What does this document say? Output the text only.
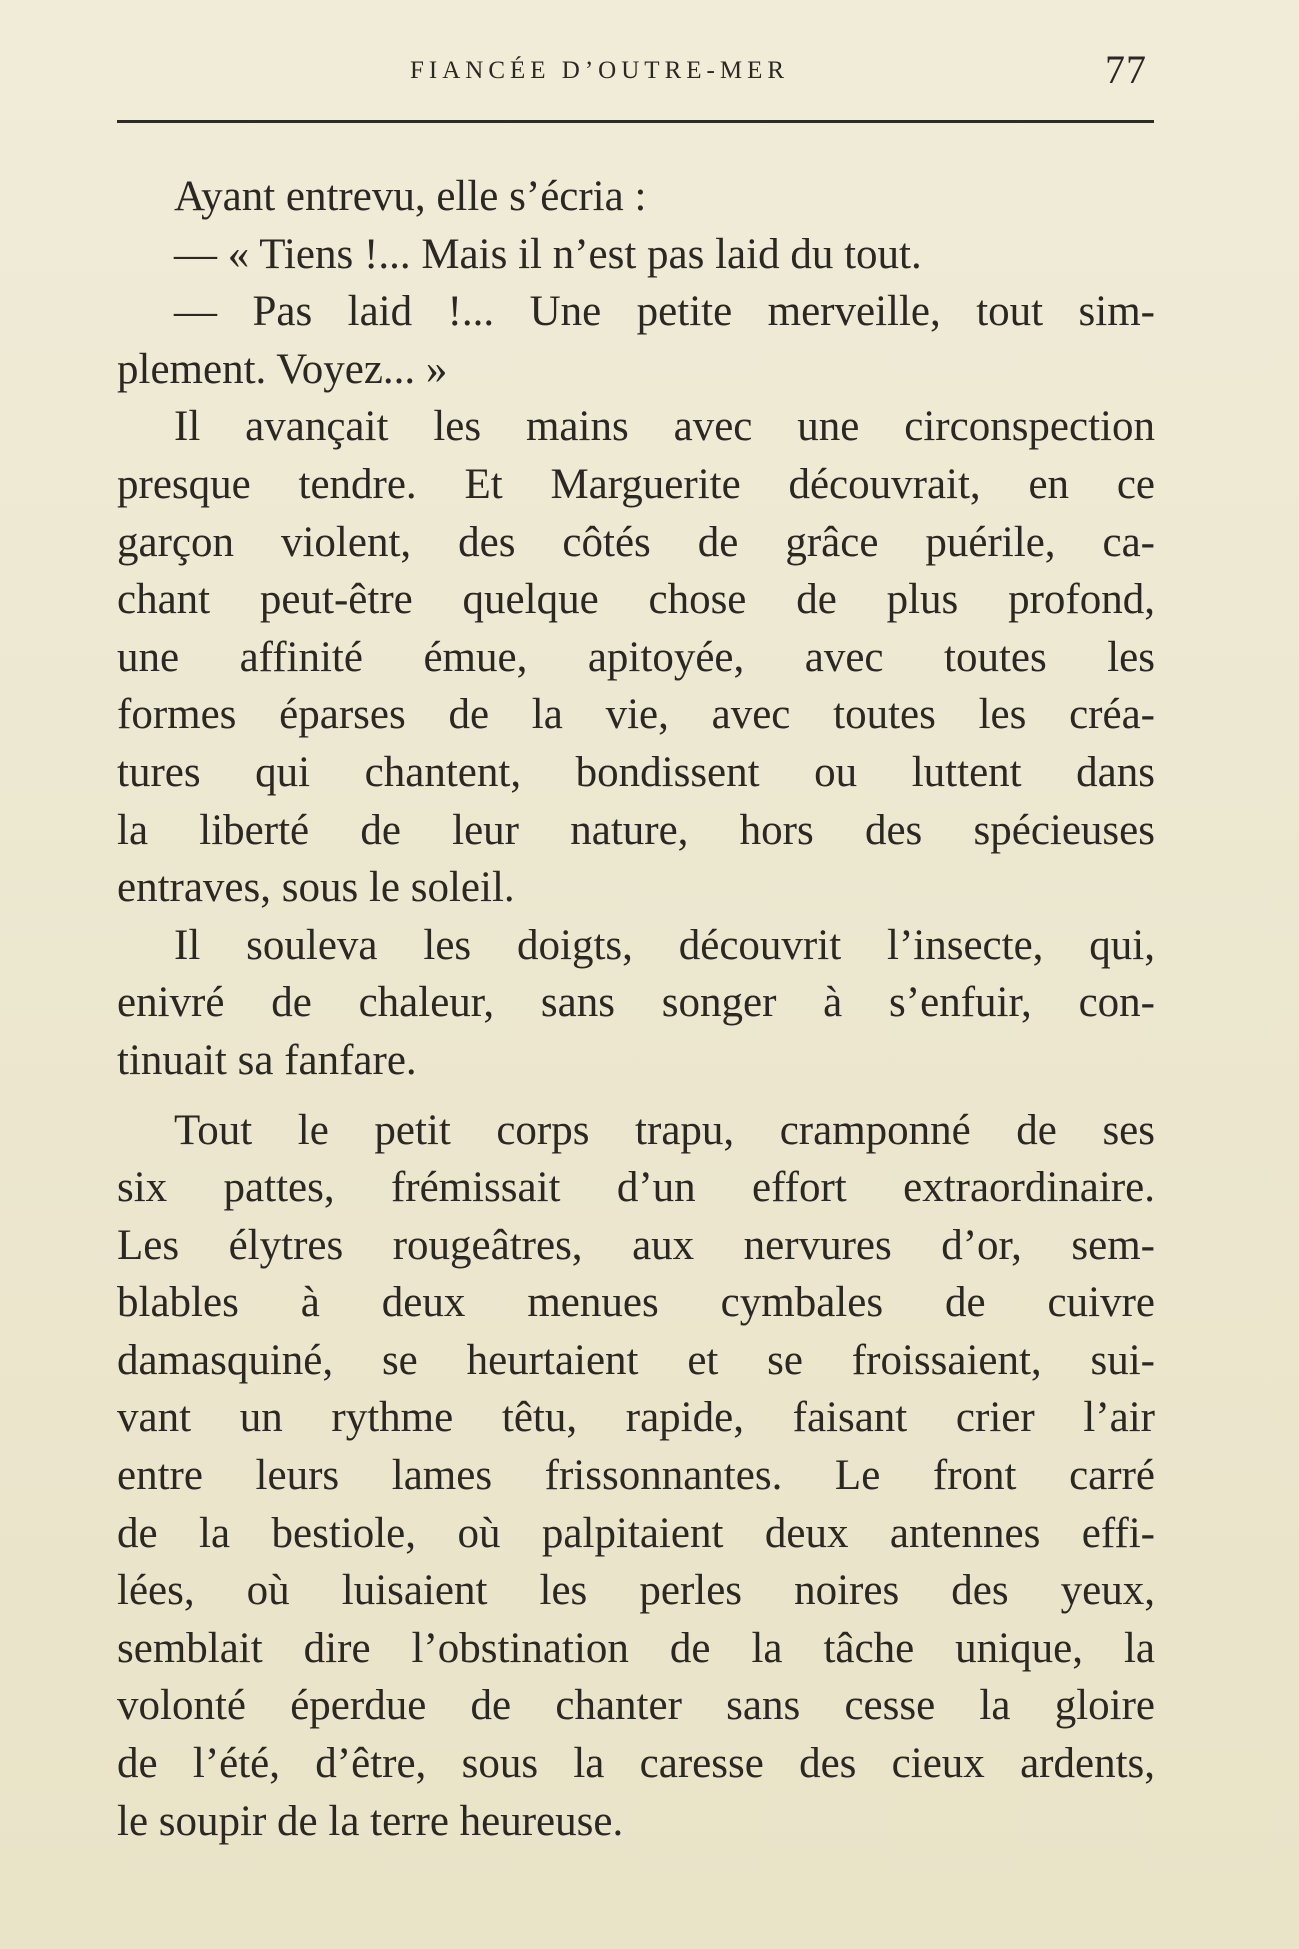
FIANCÉE D’OUTRE-MER	77
Ayant entrevu, elle s’écria :
— « Tiens !... Mais il n’est pas laid du tout.
— Pas laid !... Une petite merveille, tout sim-
plement. Voyez... »
Il avançait les mains avec une circonspection
presque tendre. Et Marguerite découvrait, en ce
garçon violent, des côtés de grâce puérile, ca-
chant peut-être quelque chose de plus profond,
une affinité émue, apitoyée, avec toutes les
formes éparses de la vie, avec toutes les créa-
tures qui chantent, bondissent ou luttent dans
la liberté de leur nature, hors des spécieuses
entraves, sous le soleil.
Il souleva les doigts, découvrit l’insecte, qui,
enivré de chaleur, sans songer à s’enfuir, con-
tinuait sa fanfare.
Tout le petit corps trapu, cramponné de ses
six pattes, frémissait d’un effort extraordinaire.
Les élytres rougeâtres, aux nervures d’or, sem-
blables à deux menues cymbales de cuivre
damasquiné, se heurtaient et se froissaient, sui-
vant un rythme têtu, rapide, faisant crier l’air
entre leurs lames frissonnantes. Le front carré
de la bestiole, où palpitaient deux antennes effi-
lées, où luisaient les perles noires des yeux,
semblait dire l’obstination de la tâche unique, la
volonté éperdue de chanter sans cesse la gloire
de l’été, d’être, sous la caresse des cieux ardents,
le soupir de la terre heureuse.
